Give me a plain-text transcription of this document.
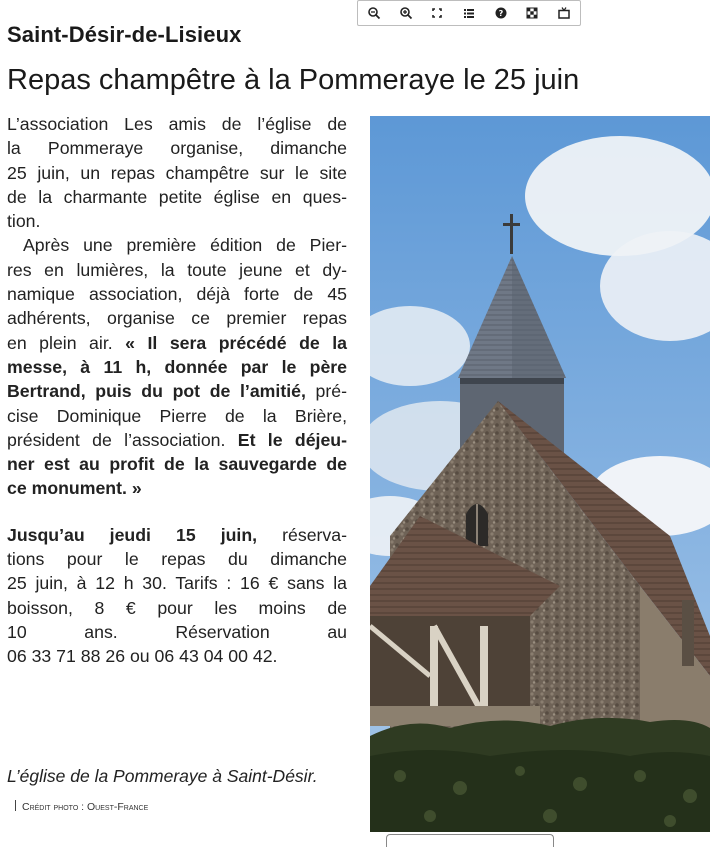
?
Saint-Désir-de-Lisieux
Repas champêtre à la Pommeraye le 25 juin
L’association Les amis de l’église de
la Pommeraye organise, dimanche
25 juin, un repas champêtre sur le site
de la charmante petite église en ques-
tion.
Après une première édition de Pier-
res en lumières, la toute jeune et dy-
namique association, déjà forte de 45
adhérents, organise ce premier repas
en plein air. « Il sera précédé de la
messe, à 11 h, donnée par le père
Bertrand, puis du pot de l’amitié, pré-
cise Dominique Pierre de la Brière,
président de l’association. Et le déjeu-
ner est au profit de la sauvegarde de
ce monument. »
Jusqu’au jeudi 15 juin, réserva-
tions pour le repas du dimanche
25 juin, à 12 h 30. Tarifs : 16 € sans la
boisson, 8 € pour les moins de
10 ans. Réservation au
06 33 71 88 26 ou 06 43 04 00 42.
L’église de la Pommeraye à Saint-Désir.
Crédit photo : Ouest-France
